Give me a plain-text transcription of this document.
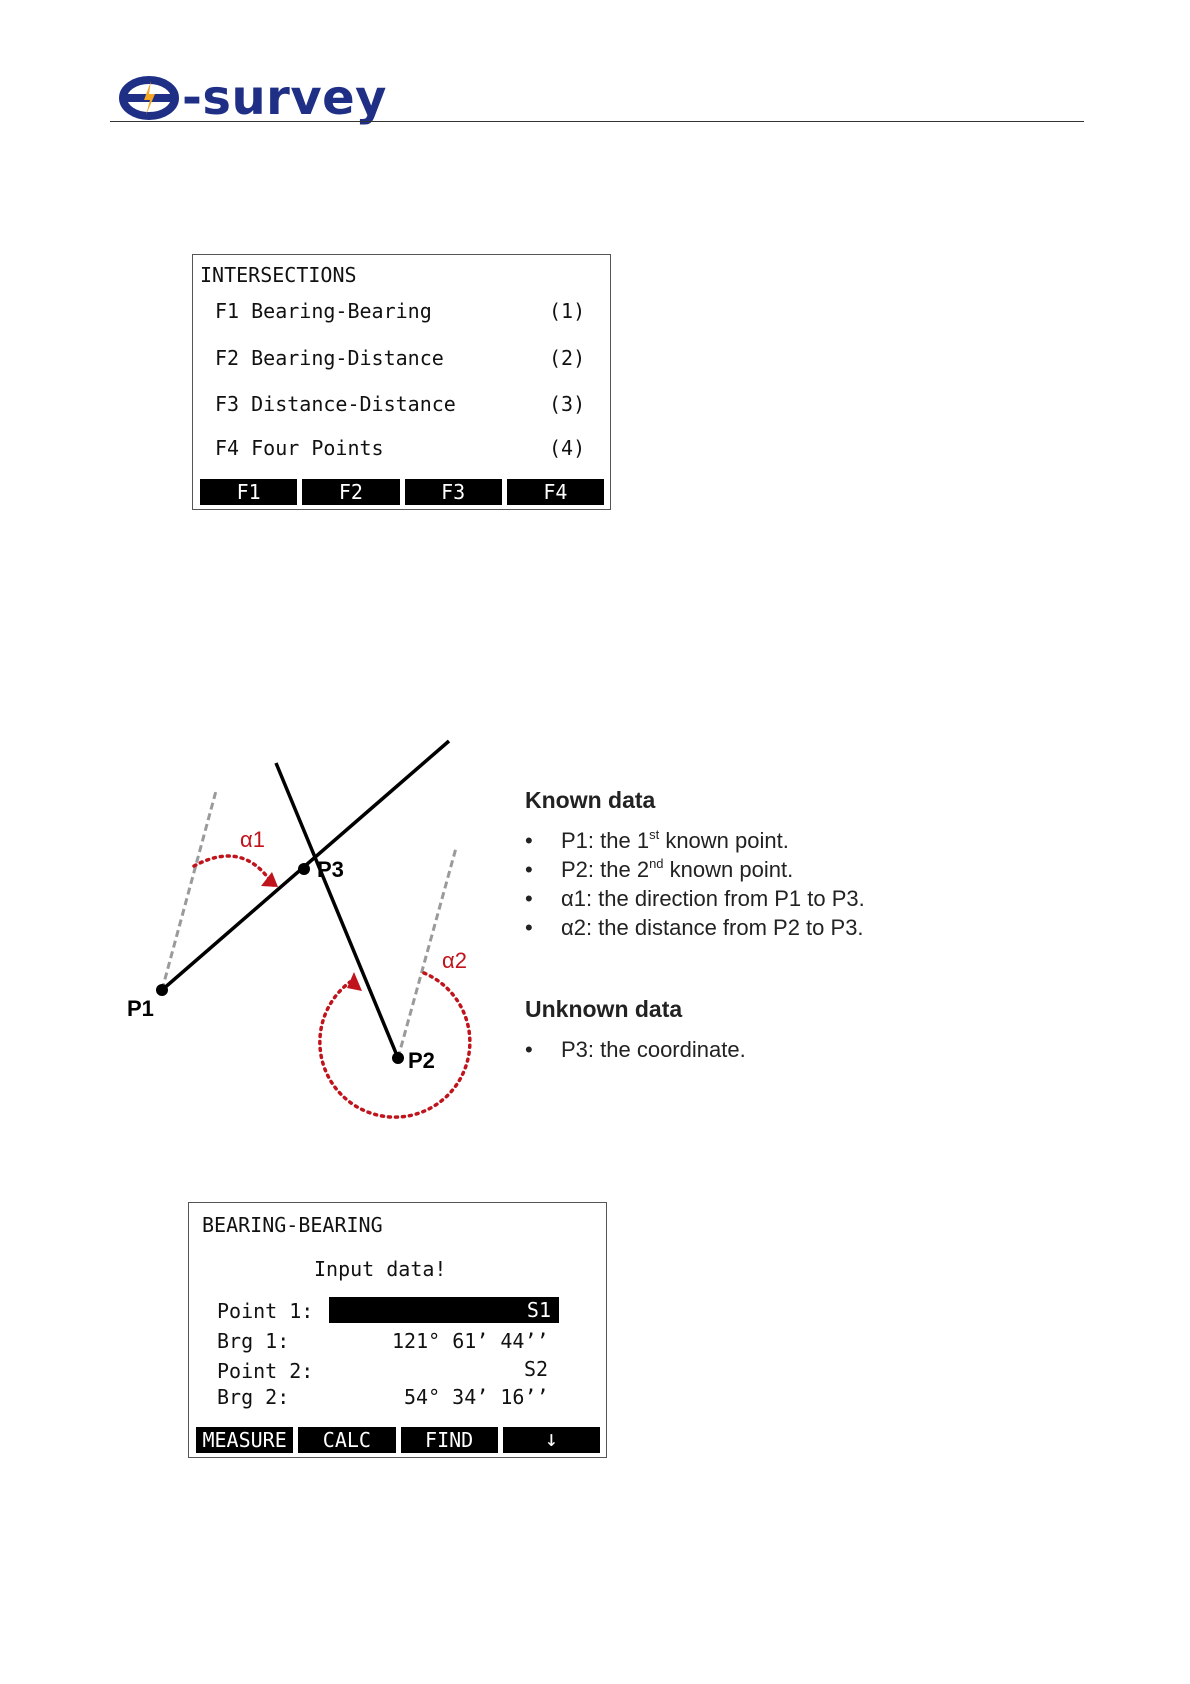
-survey
INTERSECTIONS
F1 Bearing-Bearing	(1)
F2 Bearing-Distance	(2)
F3 Distance-Distance	(3)
F4 Four Points	(4)
F1	F2	F3	F4
P1
P3
P2
α1
α2
Known data
• P1: the 1st known point.
• P2: the 2nd known point.
• α1: the direction from P1 to P3.
• α2: the distance from P2 to P3.
Unknown data
• P3: the coordinate.
BEARING-BEARING
Input data!
Point 1:	S1
Brg 1:	121° 61’ 44’’
Point 2:	S2
Brg 2:	54° 34’ 16’’
MEASURE	CALC	FIND	↓
